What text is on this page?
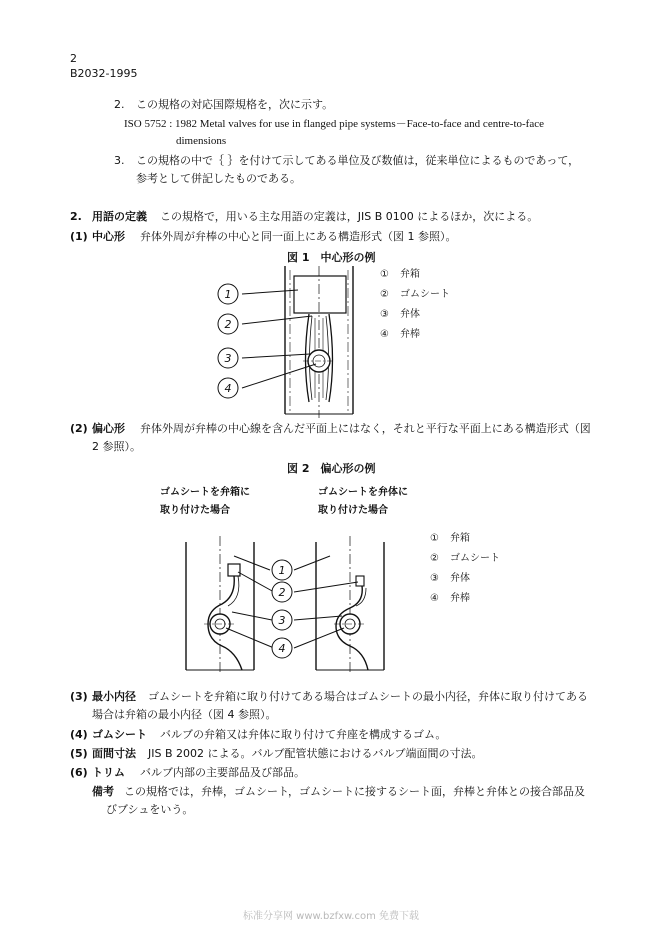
2
B2032-1995
2. この規格の対応国際規格を，次に示す。
ISO 5752 : 1982 Metal valves for use in flanged pipe systems－Face-to-face and centre-to-face
dimensions
3. この規格の中で｛ ｝を付けて示してある単位及び数値は，従来単位によるものであって，
参考として併記したものである。
2. 用語の定義 この規格で，用いる主な用語の定義は，JIS B 0100 によるほか，次による。
(1) 中心形 弁体外周が弁棒の中心と同一面上にある構造形式（図 1 参照）。
図 1　中心形の例
1
2
3
4
① 弁箱
② ゴムシート
③ 弁体
④ 弁棒
(2) 偏心形 弁体外周が弁棒の中心線を含んだ平面上にはなく，それと平行な平面上にある構造形式（図
2 参照）。
図 2　偏心形の例
ゴムシートを弁箱に
取り付けた場合
ゴムシートを弁体に
取り付けた場合
1
2
3
4
① 弁箱
② ゴムシート
③ 弁体
④ 弁棒
(3) 最小内径 ゴムシートを弁箱に取り付けてある場合はゴムシートの最小内径，弁体に取り付けてある
場合は弁箱の最小内径（図 4 参照）。
(4) ゴムシート バルブの弁箱又は弁体に取り付けて弁座を構成するゴム。
(5) 面間寸法 JIS B 2002 による。バルブ配管状態におけるバルブ端面間の寸法。
(6) トリム バルブ内部の主要部品及び部品。
備考 この規格では，弁棒，ゴムシート，ゴムシートに接するシート面，弁棒と弁体との接合部品及
びブシュをいう。
标准分享网 www.bzfxw.com 免费下载
